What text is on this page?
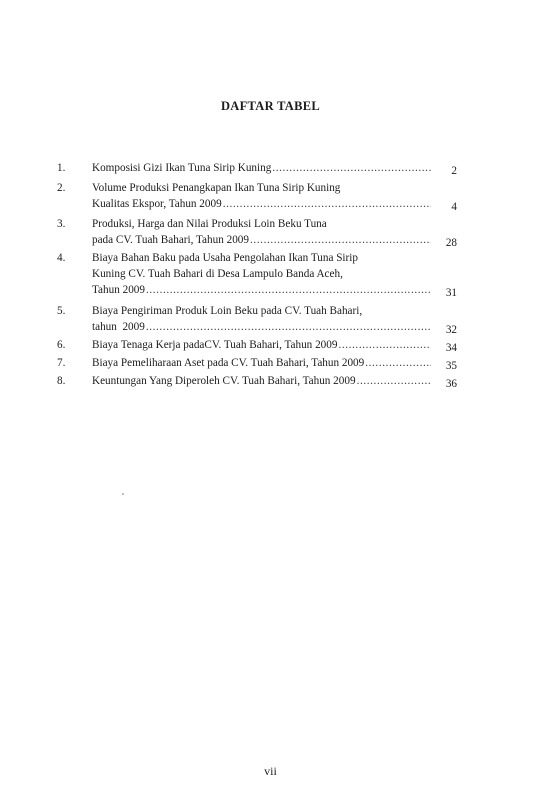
DAFTAR TABEL
1.	Komposisi Gizi Ikan Tuna Sirip Kuning .....	2
2.	Volume Produksi Penangkapan Ikan Tuna Sirip Kuning
Kualitas Ekspor, Tahun 2009 .....	4
3.	Produksi, Harga dan Nilai Produksi Loin Beku Tuna
pada CV. Tuah Bahari, Tahun 2009 .....	28
4.	Biaya Bahan Baku pada Usaha Pengolahan Ikan Tuna Sirip
Kuning CV. Tuah Bahari di Desa Lampulo Banda Aceh,
Tahun 2009 .....	31
5.	Biaya Pengiriman Produk Loin Beku pada CV. Tuah Bahari,
tahun  2009 .....	32
6.	Biaya Tenaga Kerja padaCV. Tuah Bahari, Tahun 2009 .....	34
7.	Biaya Pemeliharaan Aset pada CV. Tuah Bahari, Tahun 2009 .....	35
8.	Keuntungan Yang Diperoleh CV. Tuah Bahari, Tahun 2009 .....	36
vii
